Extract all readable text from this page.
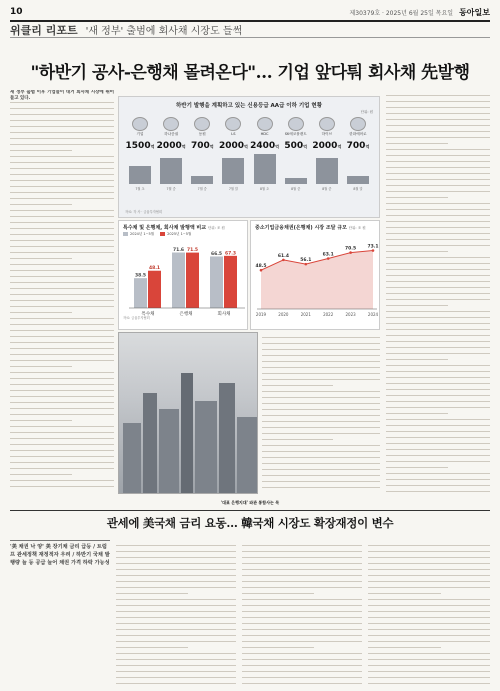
10	제30379호 · 2025년 6월 25일 목요일 동아일보
위클리 리포트 '새 정부' 출범에 회사채 시장도 들썩
"하반기 공사-은행채 몰려온다"… 기업 앞다퉈 회사채 先발행
새 정부 출범 이후 기업들이 대거 회사채 시장에 뛰어들고 있다.
하반기 발행을 계획하고 있는 신용등급 AA급 이하 기업 현황
단위: 원
기업
1500억
7월 초
하나증권
2000억
7월 중
동원
700억
7월 중
LS
2000억
7월 말
HDC
2400억
8월 초
SK에코플랜트
500억
8월 중
하이브
2000억
8월 중
한화에어로
700억
8월 말
자료: 각 사 · 금융투자협회
특수채 및 은행채, 회사채 발행액 비교 단위: 조 원
2024년 1~5월	2025년 1~5월
38.5
48.1
특수채
71.6 71.5
은행채
66.5 67.3
회사채
자료: 금융투자협회
중소기업금융채권(은행채) 시장 조달 규모 단위: 조 원
48.5
2019
61.4
2020
56.1
2021
63.1
2022
70.5
2023
73.1
2024
'대표 은행지대' 와관 통합사는 목
관세에 美국채 금리 요동… 韓국채 시장도 확장재정이 변수
'美 채권 낙 양' 美 장기채 금리 급등 / 트럼프 관세정책 재정적자 우려 / 하반기 국채 발행량 늘 등 공급 늘어 채권 가격 하락 가능성
